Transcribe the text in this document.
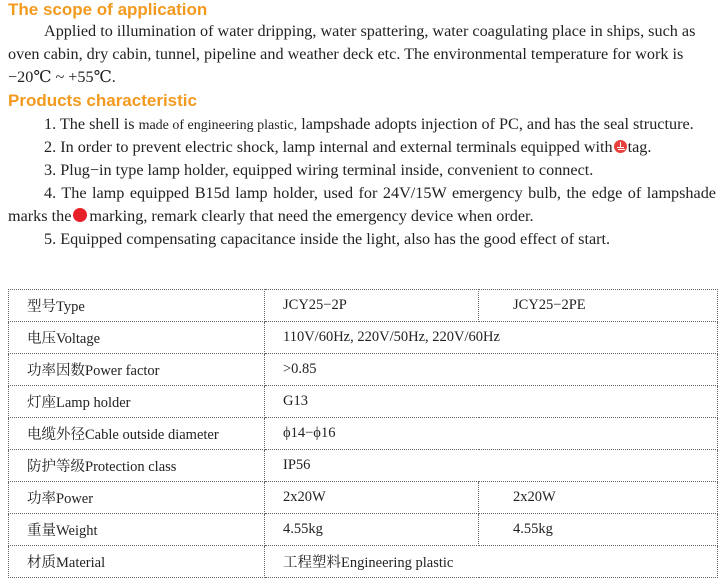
The scope of application

Applied to illumination of water dripping, water spattering, water coagulating place in ships, such as oven cabin, dry cabin, tunnel, pipeline and weather deck etc. The environmental temperature for work is −20℃ ~ +55℃.

Products characteristic

1. The shell is made of engineering plastic, lampshade adopts injection of PC, and has the seal structure.

2. In order to prevent electric shock, lamp internal and external terminals equipped with tag.

3. Plug−in type lamp holder, equipped wiring terminal inside, convenient to connect.

4. The lamp equipped B15d lamp holder, used for 24V/15W emergency bulb, the edge of lampshade marks the marking, remark clearly that need the emergency device when order.

5. Equipped compensating capacitance inside the light, also has the good effect of start.

型号Type	JCY25−2P	JCY25−2PE
电压Voltage	110V/60Hz, 220V/50Hz, 220V/60Hz	
功率因数Power factor	>0.85	
灯座Lamp holder	G13	
电缆外径Cable outside diameter	ϕ14−ϕ16	
防护等级Protection class	IP56	
功率Power	2x20W	2x20W
重量Weight	4.55kg	4.55kg
材质Material	工程塑料Engineering plastic	
